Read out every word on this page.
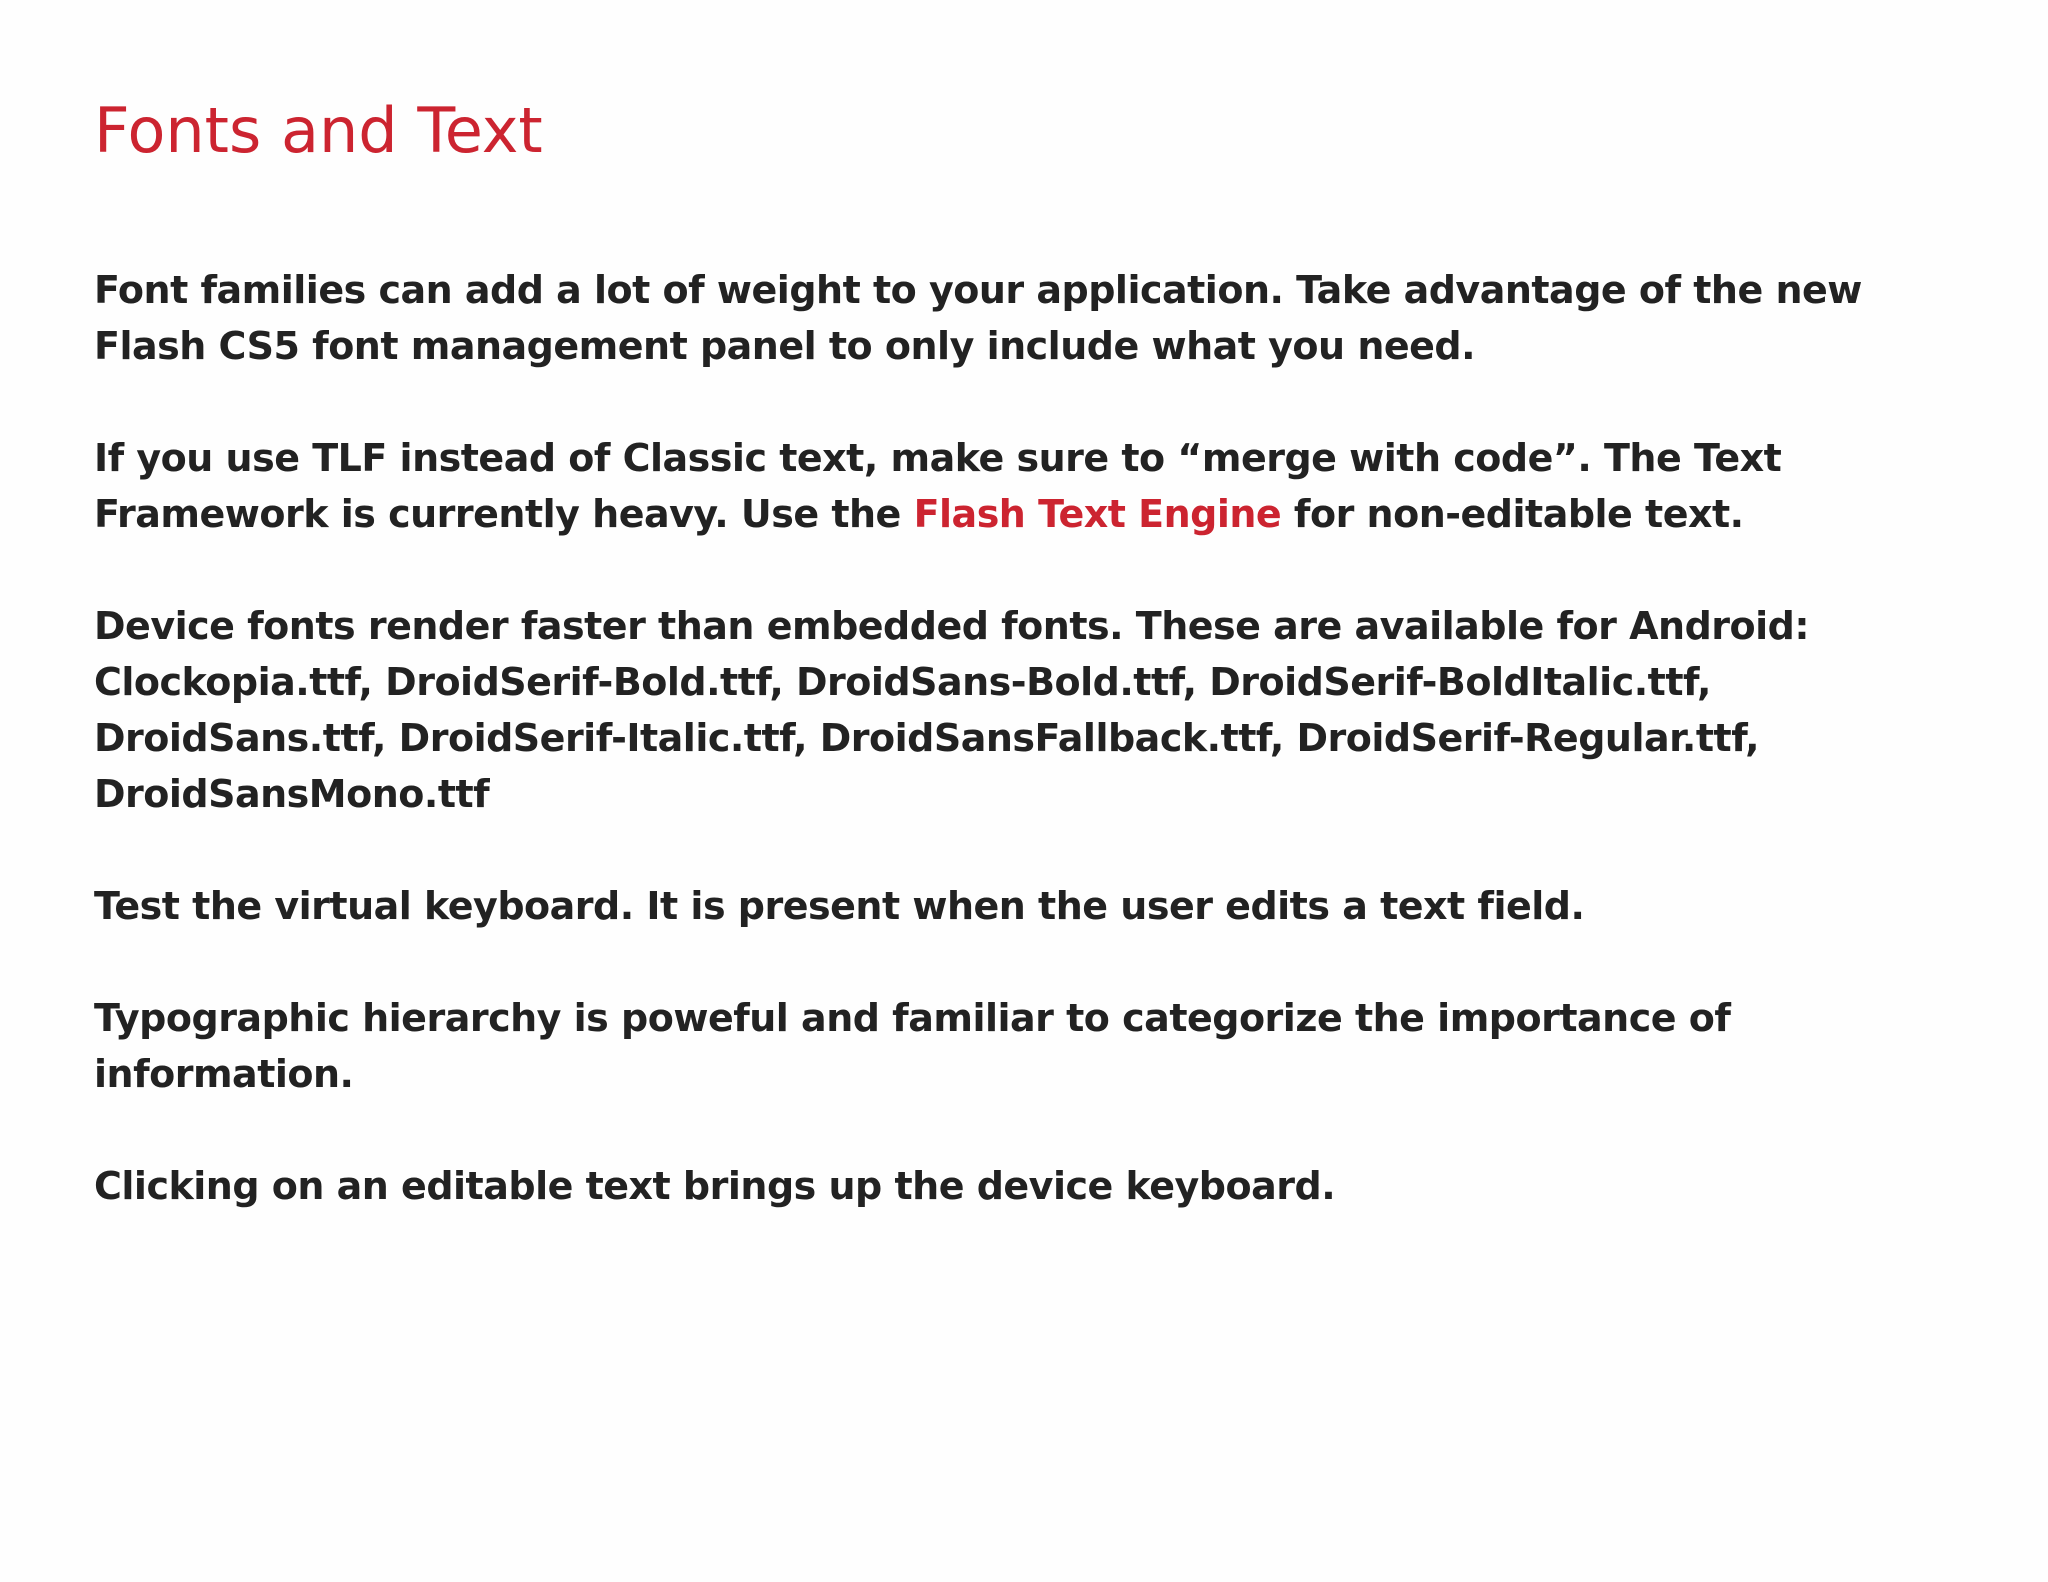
Fonts and Text

Font families can add a lot of weight to your application. Take advantage of the new
Flash CS5 font management panel to only include what you need.

If you use TLF instead of Classic text, make sure to “merge with code”. The Text
Framework is currently heavy. Use the Flash Text Engine for non-editable text.

Device fonts render faster than embedded fonts. These are available for Android:
Clockopia.ttf, DroidSerif-Bold.ttf, DroidSans-Bold.ttf, DroidSerif-BoldItalic.ttf,
DroidSans.ttf, DroidSerif-Italic.ttf, DroidSansFallback.ttf, DroidSerif-Regular.ttf,
DroidSansMono.ttf

Test the virtual keyboard. It is present when the user edits a text field.

Typographic hierarchy is poweful and familiar to categorize the importance of
information.

Clicking on an editable text brings up the device keyboard.
